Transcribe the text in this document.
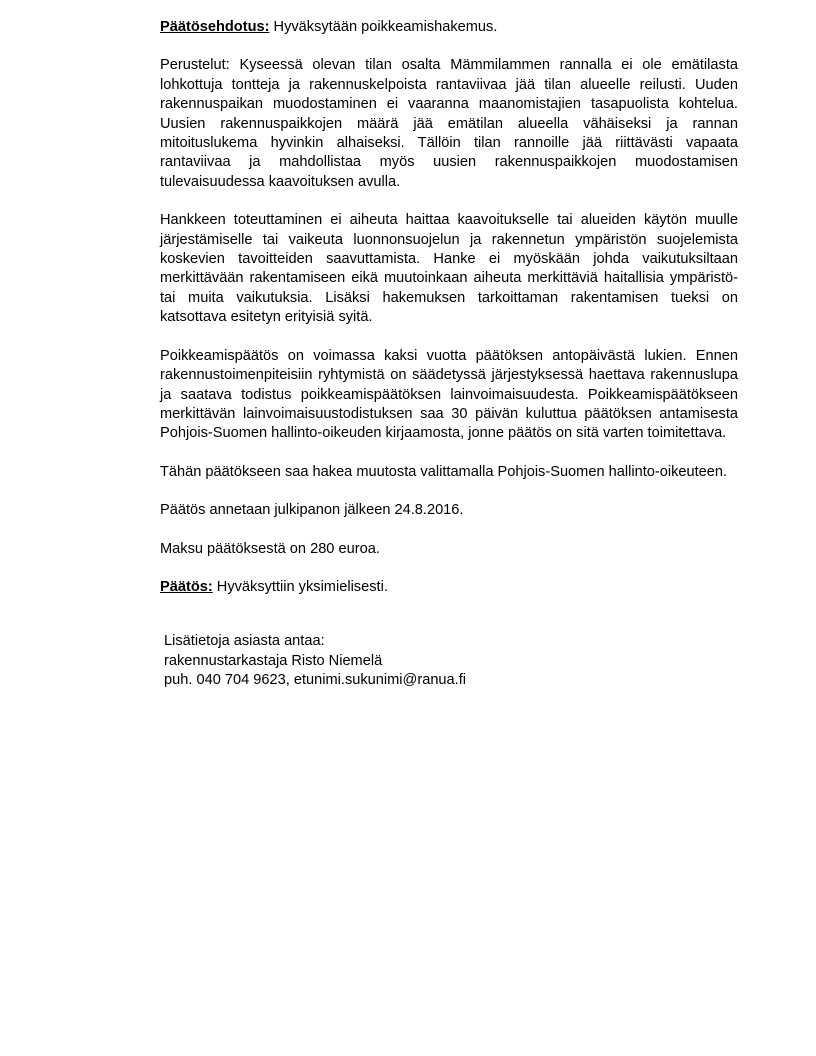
Päätösehdotus: Hyväksytään poikkeamishakemus.

Perustelut: Kyseessä olevan tilan osalta Mämmilammen rannalla ei ole emätilasta lohkottuja tontteja ja rakennuskelpoista rantaviivaa jää tilan alueelle reilusti. Uuden rakennuspaikan muodostaminen ei vaaranna maanomistajien tasapuolista kohtelua. Uusien rakennuspaikkojen määrä jää emätilan alueella vähäiseksi ja rannan mitoituslukema hyvinkin alhaiseksi. Tällöin tilan rannoille jää riittävästi vapaata rantaviivaa ja mahdollistaa myös uusien rakennuspaikkojen muodostamisen tulevaisuudessa kaavoituksen avulla.

Hankkeen toteuttaminen ei aiheuta haittaa kaavoitukselle tai alueiden käytön muulle järjestämiselle tai vaikeuta luonnonsuojelun ja rakennetun ympäristön suojelemista koskevien tavoitteiden saavuttamista. Hanke ei myöskään johda vaikutuksiltaan merkittävään rakentamiseen eikä muutoinkaan aiheuta merkittäviä haitallisia ympäristö- tai muita vaikutuksia. Lisäksi hakemuksen tarkoittaman rakentamisen tueksi on katsottava esitetyn erityisiä syitä.

Poikkeamispäätös on voimassa kaksi vuotta päätöksen antopäivästä lukien. Ennen rakennustoimenpiteisiin ryhtymistä on säädetyssä järjestyksessä haettava rakennuslupa ja saatava todistus poikkeamispäätöksen lainvoimaisuudesta. Poikkeamispäätökseen merkittävän lainvoimaisuustodistuksen saa 30 päivän kuluttua päätöksen antamisesta Pohjois-Suomen hallinto-oikeuden kirjaamosta, jonne päätös on sitä varten toimitettava.

Tähän päätökseen saa hakea muutosta valittamalla Pohjois-Suomen hallinto-oikeuteen.

Päätös annetaan julkipanon jälkeen 24.8.2016.

Maksu päätöksestä on 280 euroa.

Päätös: Hyväksyttiin yksimielisesti.

Lisätietoja asiasta antaa:

rakennustarkastaja Risto Niemelä

puh. 040 704 9623, etunimi.sukunimi@ranua.fi
